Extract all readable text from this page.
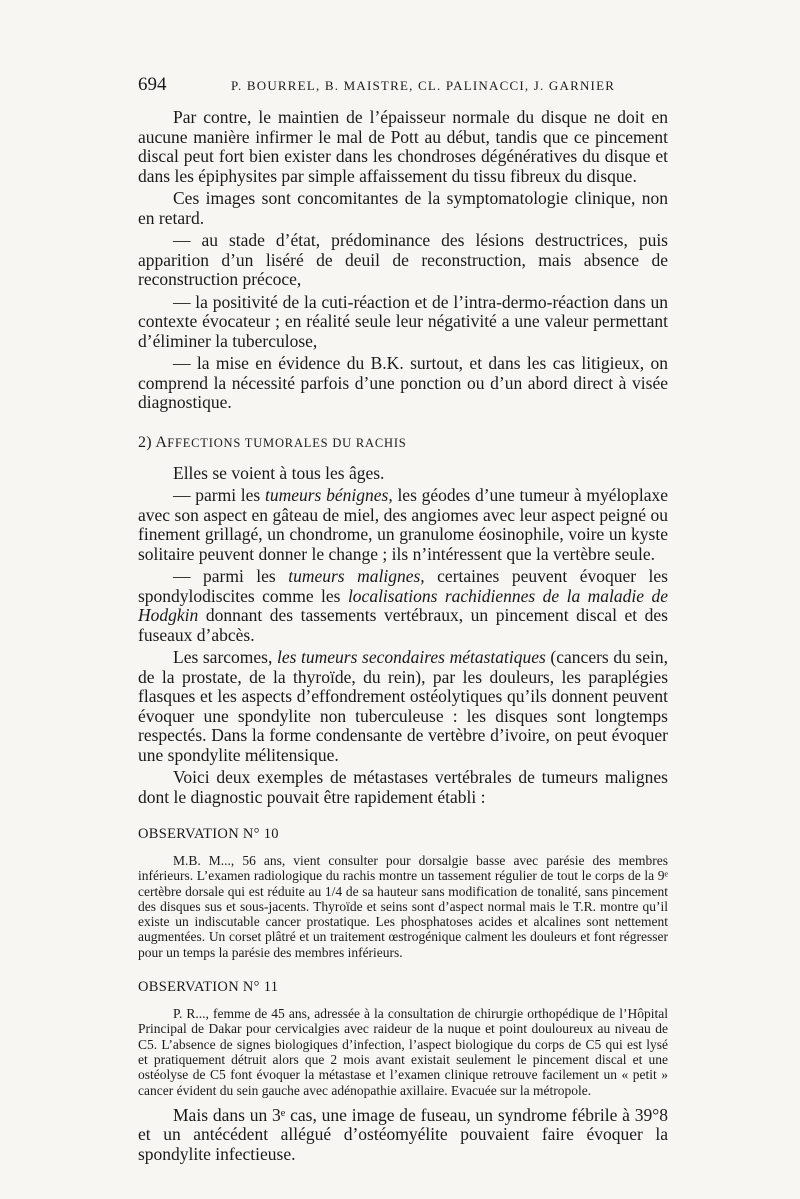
694	P. BOURREL, B. MAISTRE, CL. PALINACCI, J. GARNIER

Par contre, le maintien de l’épaisseur normale du disque ne doit en aucune manière infirmer le mal de Pott au début, tandis que ce pincement discal peut fort bien exister dans les chondroses dégénératives du disque et dans les épiphysites par simple affaissement du tissu fibreux du disque.

Ces images sont concomitantes de la symptomatologie clinique, non en retard.

— au stade d’état, prédominance des lésions destructrices, puis apparition d’un liséré de deuil de reconstruction, mais absence de reconstruction précoce,

— la positivité de la cuti-réaction et de l’intra-dermo-réaction dans un contexte évocateur ; en réalité seule leur négativité a une valeur permettant d’éliminer la tuberculose,

— la mise en évidence du B.K. surtout, et dans les cas litigieux, on comprend la nécessité parfois d’une ponction ou d’un abord direct à visée diagnostique.

2) AFFECTIONS TUMORALES DU RACHIS

Elles se voient à tous les âges.

— parmi les tumeurs bénignes, les géodes d’une tumeur à myéloplaxe avec son aspect en gâteau de miel, des angiomes avec leur aspect peigné ou finement grillagé, un chondrome, un granulome éosinophile, voire un kyste solitaire peuvent donner le change ; ils n’intéressent que la vertèbre seule.

— parmi les tumeurs malignes, certaines peuvent évoquer les spondylodiscites comme les localisations rachidiennes de la maladie de Hodgkin donnant des tassements vertébraux, un pincement discal et des fuseaux d’abcès.

Les sarcomes, les tumeurs secondaires métastatiques (cancers du sein, de la prostate, de la thyroïde, du rein), par les douleurs, les paraplégies flasques et les aspects d’effondrement ostéolytiques qu’ils donnent peuvent évoquer une spondylite non tuberculeuse : les disques sont longtemps respectés. Dans la forme condensante de vertèbre d’ivoire, on peut évoquer une spondylite mélitensique.

Voici deux exemples de métastases vertébrales de tumeurs malignes dont le diagnostic pouvait être rapidement établi :

OBSERVATION N° 10

M.B. M..., 56 ans, vient consulter pour dorsalgie basse avec parésie des membres inférieurs. L’examen radiologique du rachis montre un tassement régulier de tout le corps de la 9ᵉ certèbre dorsale qui est réduite au 1/4 de sa hauteur sans modification de tonalité, sans pincement des disques sus et sous-jacents. Thyroïde et seins sont d’aspect normal mais le T.R. montre qu’il existe un indiscutable cancer prostatique. Les phosphatoses acides et alcalines sont nettement augmentées. Un corset plâtré et un traitement œstrogénique calment les douleurs et font régresser pour un temps la parésie des membres inférieurs.

OBSERVATION N° 11

P. R..., femme de 45 ans, adressée à la consultation de chirurgie orthopédique de l’Hôpital Principal de Dakar pour cervicalgies avec raideur de la nuque et point douloureux au niveau de C5. L’absence de signes biologiques d’infection, l’aspect biologique du corps de C5 qui est lysé et pratiquement détruit alors que 2 mois avant existait seulement le pincement discal et une ostéolyse de C5 font évoquer la métastase et l’examen clinique retrouve facilement un « petit » cancer évident du sein gauche avec adénopathie axillaire. Evacuée sur la métropole.

Mais dans un 3ᵉ cas, une image de fuseau, un syndrome fébrile à 39°8 et un antécédent allégué d’ostéomyélite pouvaient faire évoquer la spondylite infectieuse.
